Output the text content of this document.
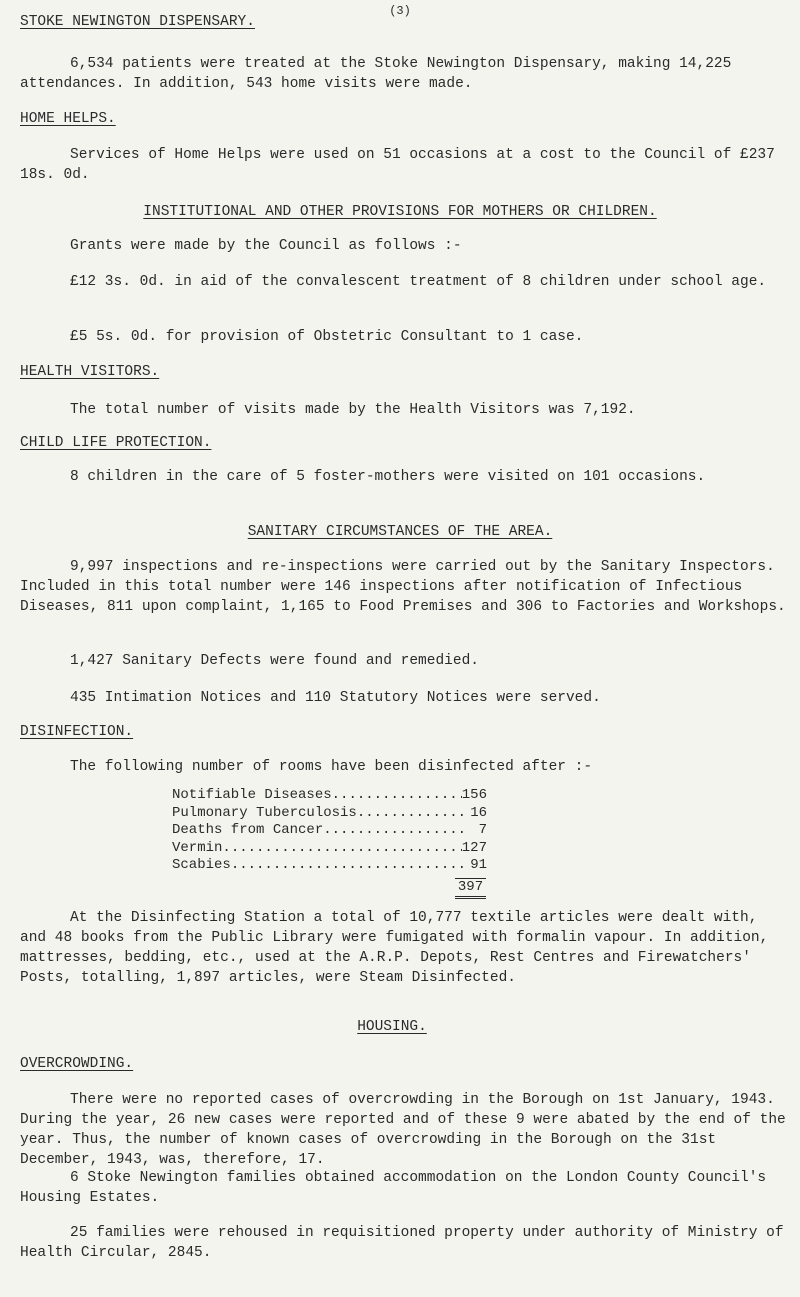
(3)
STOKE NEWINGTON DISPENSARY.
6,534 patients were treated at the Stoke Newington Dispensary, making 14,225 attendances. In addition, 543 home visits were made.
HOME HELPS.
Services of Home Helps were used on 51 occasions at a cost to the Council of £237 18s. 0d.
INSTITUTIONAL AND OTHER PROVISIONS FOR MOTHERS OR CHILDREN.
Grants were made by the Council as follows :-
£12 3s. 0d. in aid of the convalescent treatment of 8 children under school age.
£5 5s. 0d. for provision of Obstetric Consultant to 1 case.
HEALTH VISITORS.
The total number of visits made by the Health Visitors was 7,192.
CHILD LIFE PROTECTION.
8 children in the care of 5 foster-mothers were visited on 101 occasions.
SANITARY CIRCUMSTANCES OF THE AREA.
9,997 inspections and re-inspections were carried out by the Sanitary Inspectors. Included in this total number were 146 inspections after notification of Infectious Diseases, 811 upon complaint, 1,165 to Food Premises and 306 to Factories and Workshops.
1,427 Sanitary Defects were found and remedied.
435 Intimation Notices and 110 Statutory Notices were served.
DISINFECTION.
The following number of rooms have been disinfected after :-
Notifiable Diseases .....	156
Pulmonary Tuberculosis .....	16
Deaths from Cancer .....	7
Vermin .....	127
Scabies .....	91
397
At the Disinfecting Station a total of 10,777 textile articles were dealt with, and 48 books from the Public Library were fumigated with formalin vapour. In addition, mattresses, bedding, etc., used at the A.R.P. Depots, Rest Centres and Firewatchers' Posts, totalling, 1,897 articles, were Steam Disinfected.
HOUSING.
OVERCROWDING.
There were no reported cases of overcrowding in the Borough on 1st January, 1943. During the year, 26 new cases were reported and of these 9 were abated by the end of the year. Thus, the number of known cases of overcrowding in the Borough on the 31st December, 1943, was, therefore, 17.
6 Stoke Newington families obtained accommodation on the London County Council's Housing Estates.
25 families were rehoused in requisitioned property under authority of Ministry of Health Circular, 2845.
